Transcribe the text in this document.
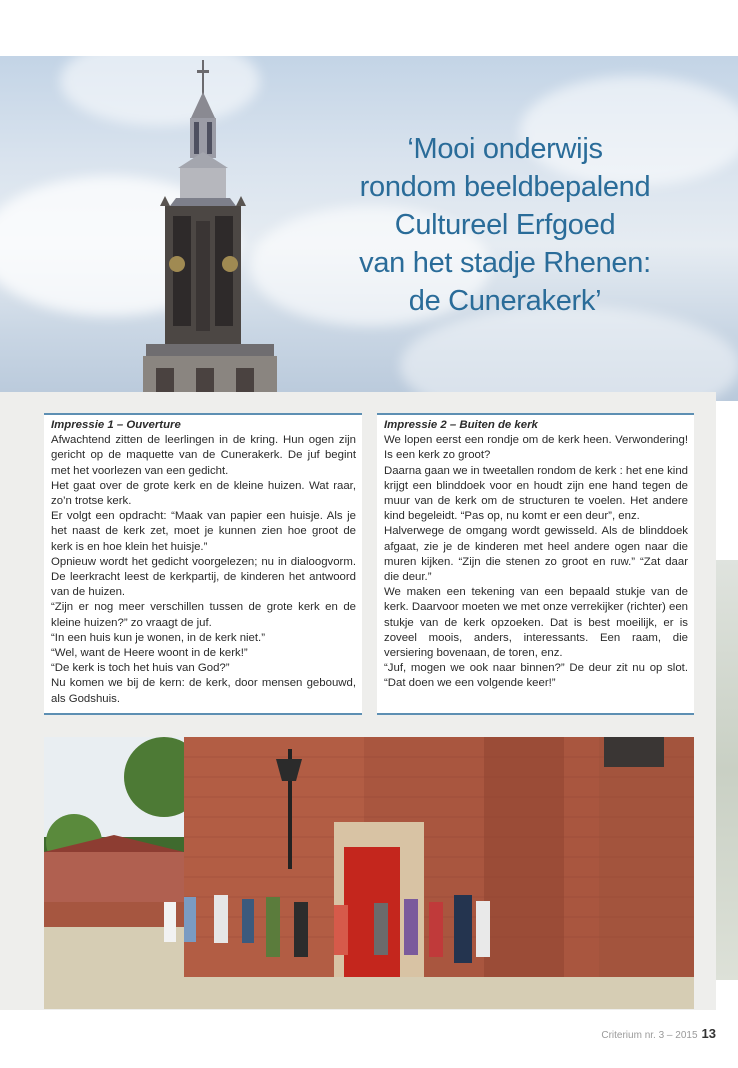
‘Mooi onderwijs
rondom beeldbepalend
Cultureel Erfgoed
van het stadje Rhenen:
de Cunerakerk’
Impressie 1 – Ouverture

Afwachtend zitten de leerlingen in de kring. Hun ogen zijn gericht op de maquette van de Cunerakerk. De juf begint met het voorlezen van een gedicht.

Het gaat over de grote kerk en de kleine huizen. Wat raar, zo’n trotse kerk.

Er volgt een opdracht: “Maak van papier een huisje. Als je het naast de kerk zet, moet je kunnen zien hoe groot de kerk is en hoe klein het huisje.”

Opnieuw wordt het gedicht voorgelezen; nu in dialoogvorm. De leerkracht leest de kerkpartij, de kinderen het antwoord van de huizen.

“Zijn er nog meer verschillen tussen de grote kerk en de kleine huizen?” zo vraagt de juf.

“In een huis kun je wonen, in de kerk niet.”

“Wel, want de Heere woont in de kerk!”

“De kerk is toch het huis van God?”

Nu komen we bij de kern: de kerk, door mensen gebouwd, als Godshuis.

Impressie 2 – Buiten de kerk

We lopen eerst een rondje om de kerk heen. Verwondering! Is een kerk zo groot?

Daarna gaan we in tweetallen rondom de kerk : het ene kind krijgt een blinddoek voor en houdt zijn ene hand tegen de muur van de kerk om de structuren te voelen. Het andere kind begeleidt. “Pas op, nu komt er een deur”, enz.

Halverwege de omgang wordt gewisseld. Als de blinddoek afgaat, zie je de kinderen met heel andere ogen naar die muren kijken. “Zijn die stenen zo groot en ruw.” “Zat daar die deur.”

We maken een tekening van een bepaald stukje van de kerk. Daarvoor moeten we met onze verrekijker (richter) een stukje van de kerk opzoeken. Dat is best moeilijk, er is zoveel moois, anders, interessants. Een raam, die versiering bovenaan, de toren, enz.

“Juf, mogen we ook naar binnen?” De deur zit nu op slot. “Dat doen we een volgende keer!”

Criterium nr. 3 – 2015 13
